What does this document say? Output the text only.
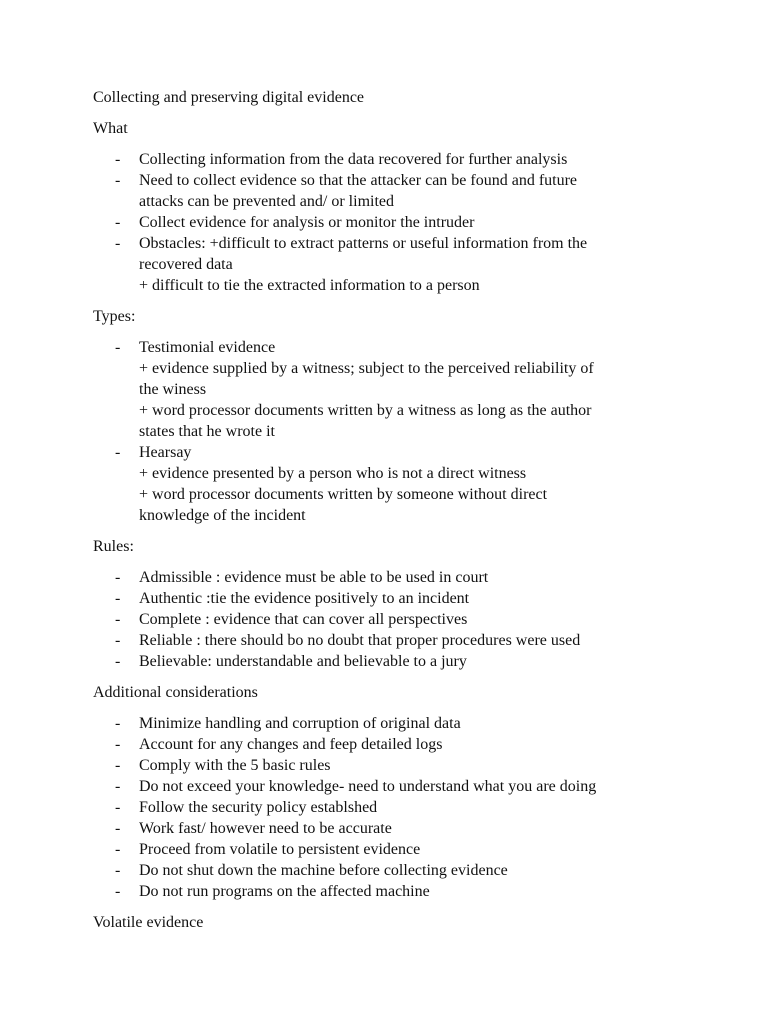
Collecting and preserving digital evidence

What

- Collecting information from the data recovered for further analysis
- Need to collect evidence so that the attacker can be found and future
attacks can be prevented and/ or limited
- Collect evidence for analysis or monitor the intruder
- Obstacles: +difficult to extract patterns or useful information from the
recovered data
+ difficult to tie the extracted information to a person

Types:

- Testimonial evidence
+ evidence supplied by a witness; subject to the perceived reliability of
the winess
+ word processor documents written by a witness as long as the author
states that he wrote it
- Hearsay
+ evidence presented by a person who is not a direct witness
+ word processor documents written by someone without direct
knowledge of the incident

Rules:

- Admissible : evidence must be able to be used in court
- Authentic :tie the evidence positively to an incident
- Complete : evidence that can cover all perspectives
- Reliable : there should bo no doubt that proper procedures were used
- Believable: understandable and believable to a jury

Additional considerations

- Minimize handling and corruption of original data
- Account for any changes and feep detailed logs
- Comply with the 5 basic rules
- Do not exceed your knowledge- need to understand what you are doing
- Follow the security policy establshed
- Work fast/ however need to be accurate
- Proceed from volatile to persistent evidence
- Do not shut down the machine before collecting evidence
- Do not run programs on the affected machine

Volatile evidence
